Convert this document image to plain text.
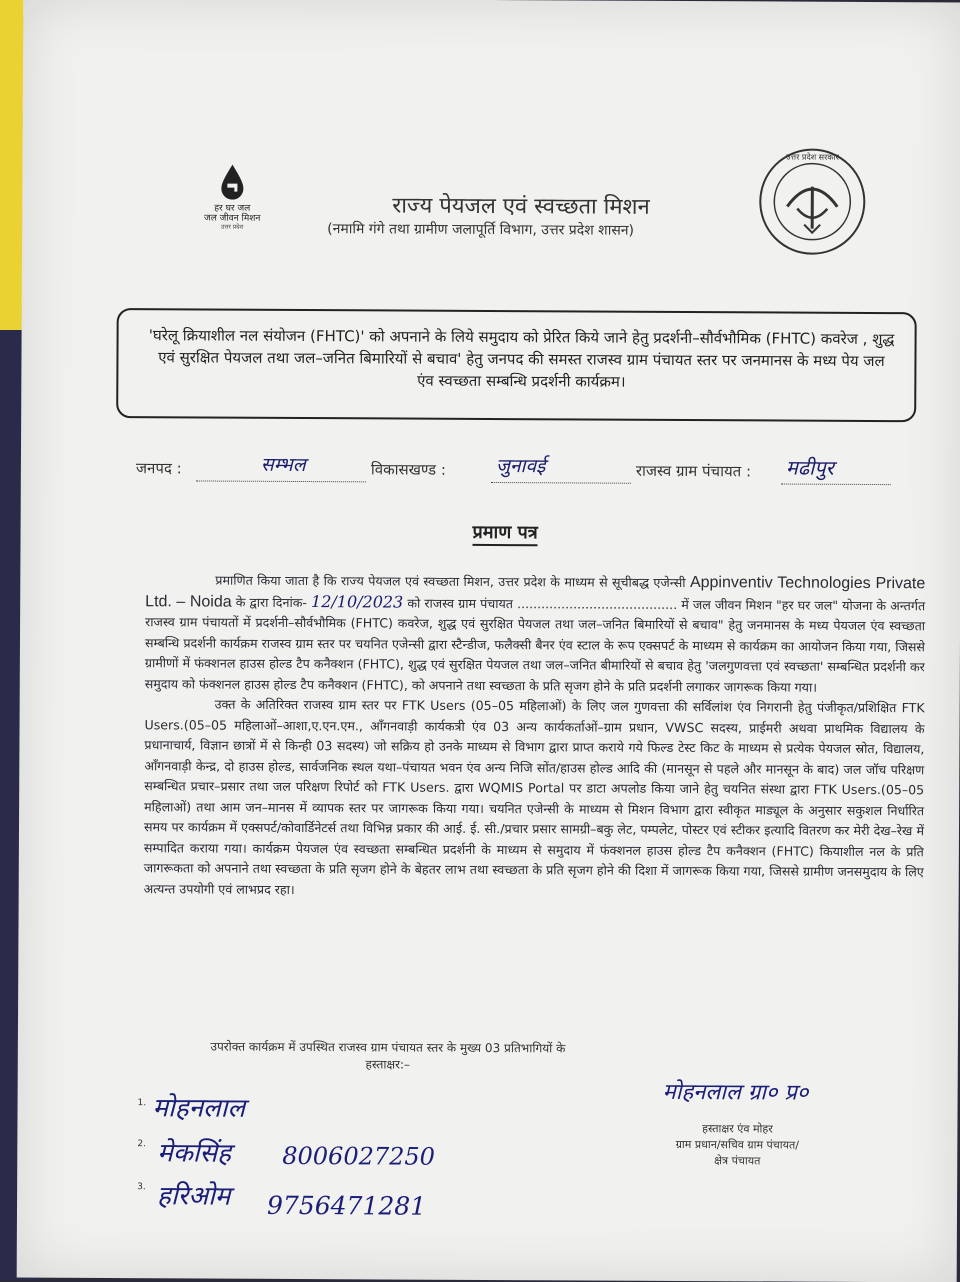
हर घर जल
जल जीवन मिशन
उत्तर प्रदेश
राज्य पेयजल एवं स्वच्छता मिशन
(नमामि गंगे तथा ग्रामीण जलापूर्ति विभाग, उत्तर प्रदेश शासन)
उत्तर प्रदेश सरकार
'घरेलू क्रियाशील नल संयोजन (FHTC)' को अपनाने के लिये समुदाय को प्रेरित किये जाने हेतु प्रदर्शनी–सौर्वभौमिक (FHTC) कवरेज , शुद्ध एवं सुरक्षित पेयजल तथा जल–जनित बिमारियों से बचाव' हेतु जनपद की समस्त राजस्व ग्राम पंचायत स्तर पर जनमानस के मध्य पेय जल एंव स्वच्छता सम्बन्धि प्रदर्शनी कार्यक्रम।
जनपद :
	सम्भल	विकासखण्ड :
	जुनावई	राजस्व ग्राम पंचायत :
मढीपुर
प्रमाण पत्र

प्रमाणित किया जाता है कि राज्य पेयजल एवं स्वच्छता मिशन, उत्तर प्रदेश के माध्यम से सूचीबद्ध एजेन्सी Appinventiv Technologies Private Ltd. – Noida के द्वारा दिनांक- 12/10/2023 को राजस्व ग्राम पंचायत ........................................ में जल जीवन मिशन "हर घर जल" योजना के अन्तर्गत राजस्व ग्राम पंचायतों में प्रदर्शनी–सौर्वभौमिक (FHTC) कवरेज, शुद्ध एवं सुरक्षित पेयजल तथा जल–जनित बिमारियों से बचाव" हेतु जनमानस के मध्य पेयजल एंव स्वच्छता सम्बन्धि प्रदर्शनी कार्यक्रम राजस्व ग्राम स्तर पर चयनित एजेन्सी द्वारा स्टैन्डीज, फलैक्सी बैनर एंव स्टाल के रूप एक्सपर्ट के माध्यम से कार्यक्रम का आयोजन किया गया, जिससे ग्रामीणों में फंक्शनल हाउस होल्ड टैप कनैक्शन (FHTC), शुद्ध एवं सुरक्षित पेयजल तथा जल–जनित बीमारियों से बचाव हेतु 'जलगुणवत्ता एवं स्वच्छता' सम्बन्धित प्रदर्शनी कर समुदाय को फंक्शनल हाउस होल्ड टैप कनैक्शन (FHTC), को अपनाने तथा स्वच्छता के प्रति सृजग होने के प्रति प्रदर्शनी लगाकर जागरूक किया गया।

उक्त के अतिरिक्त राजस्व ग्राम स्तर पर FTK Users (05–05 महिलाओं) के लिए जल गुणवत्ता की सर्विलांश एंव निगरानी हेतु पंजीकृत/प्रशिक्षित FTK Users.(05–05 महिलाओं–आशा,ए.एन.एम., ऑंगनवाड़ी कार्यकत्री एंव 03 अन्य कार्यकर्ताओं–ग्राम प्रधान, VWSC सदस्य, प्राईमरी अथवा प्राथमिक विद्यालय के प्रधानाचार्य, विज्ञान छात्रों में से किन्ही 03 सदस्य) जो सक्रिय हो उनके माध्यम से विभाग द्वारा प्राप्त कराये गये फिल्ड टेस्ट किट के माध्यम से प्रत्येक पेयजल स्रोत, विद्यालय, ऑंगनवाड़ी केन्द्र, दो हाउस होल्ड, सार्वजनिक स्थल यथा–पंचायत भवन एंव अन्य निजि सोंत/हाउस होल्ड आदि की (मानसून से पहले और मानसून के बाद) जल जॉच परिक्षण सम्बन्धित प्रचार–प्रसार तथा जल परिक्षण रिपोर्ट को FTK Users. द्वारा WQMIS Portal पर डाटा अपलोड किया जाने हेतु चयनित संस्था द्वारा FTK Users.(05–05 महिलाओं) तथा आम जन–मानस में व्यापक स्तर पर जागरूक किया गया। चयनित एजेन्सी के माध्यम से मिशन विभाग द्वारा स्वीकृत माड्यूल के अनुसार सकुशल निर्धारित समय पर कार्यक्रम में एक्सपर्ट/कोवार्डिनेटर्स तथा विभिन्न प्रकार की आई. ई. सी./प्रचार प्रसार सामग्री–बकु लेट, पम्पलेट, पोस्टर एवं स्टीकर इत्यादि वितरण कर मेरी देख–रेख में सम्पादित कराया गया। कार्यक्रम पेयजल एंव स्वच्छता सम्बन्धित प्रदर्शनी के माध्यम से समुदाय में फंक्शनल हाउस होल्ड टैप कनैक्शन (FHTC) कियाशील नल के प्रति जागरूकता को अपनाने तथा स्वच्छता के प्रति सृजग होने के बेहतर लाभ तथा स्वच्छता के प्रति सृजग होने की दिशा में जागरूक किया गया, जिससे ग्रामीण जनसमुदाय के लिए अत्यन्त उपयोगी एवं लाभप्रद रहा।

उपरोक्त कार्यक्रम में उपस्थित राजस्व ग्राम पंचायत स्तर के मुख्य 03 प्रतिभागियों के
हस्ताक्षर:–
1. मोहनलाल
2. मेकसिंह 8006027250
3. हरिओम 9756471281
मोहनलाल ग्रा० प्र०
हस्ताक्षर एंव मोहर
ग्राम प्रधान/सचिव ग्राम पंचायत/
क्षेत्र पंचायत
